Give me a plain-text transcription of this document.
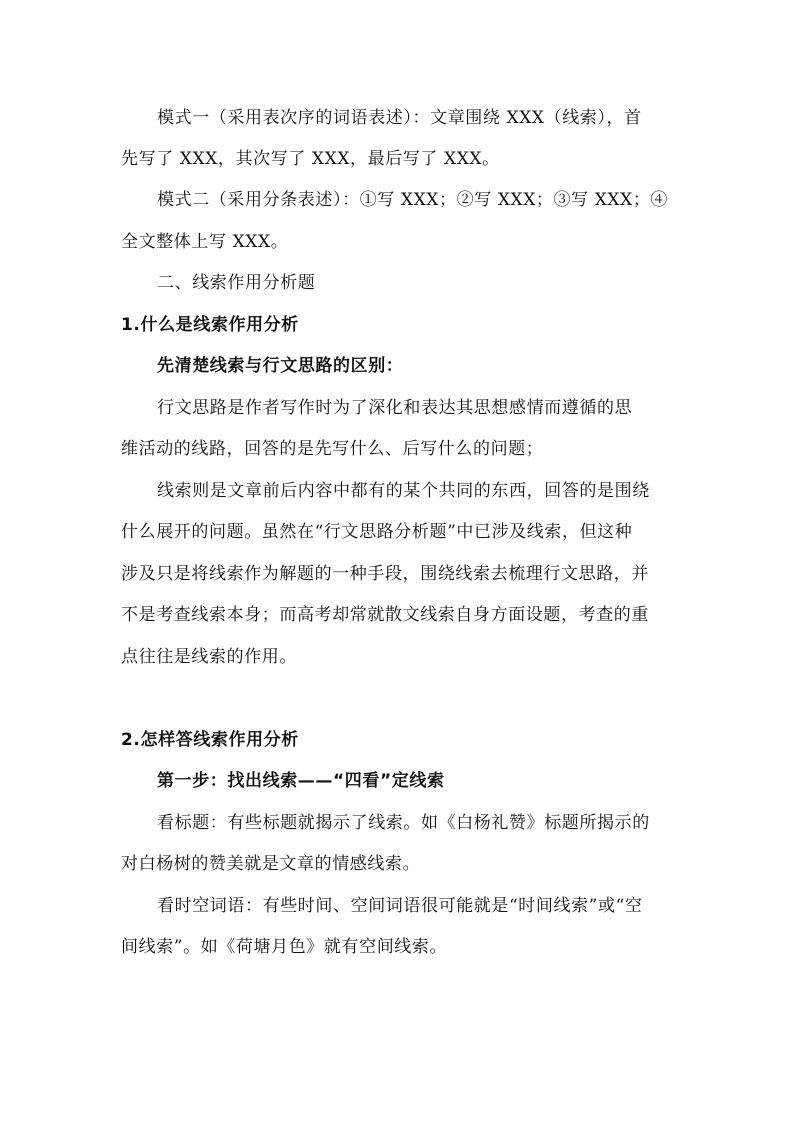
模式一（采用表次序的词语表述）：文章围绕 XXX（线索），首
先写了 XXX，其次写了 XXX，最后写了 XXX。
模式二（采用分条表述）：①写 XXX；②写 XXX；③写 XXX；④
全文整体上写 XXX。
二、线索作用分析题
1.什么是线索作用分析
先清楚线索与行文思路的区别：
行文思路是作者写作时为了深化和表达其思想感情而遵循的思
维活动的线路，回答的是先写什么、后写什么的问题；
线索则是文章前后内容中都有的某个共同的东西，回答的是围绕
什么展开的问题。虽然在“行文思路分析题”中已涉及线索，但这种
涉及只是将线索作为解题的一种手段，围绕线索去梳理行文思路，并
不是考查线索本身；而高考却常就散文线索自身方面设题，考查的重
点往往是线索的作用。
2.怎样答线索作用分析
第一步：找出线索——“四看”定线索
看标题：有些标题就揭示了线索。如《白杨礼赞》标题所揭示的
对白杨树的赞美就是文章的情感线索。
看时空词语：有些时间、空间词语很可能就是“时间线索”或“空
间线索”。如《荷塘月色》就有空间线索。
